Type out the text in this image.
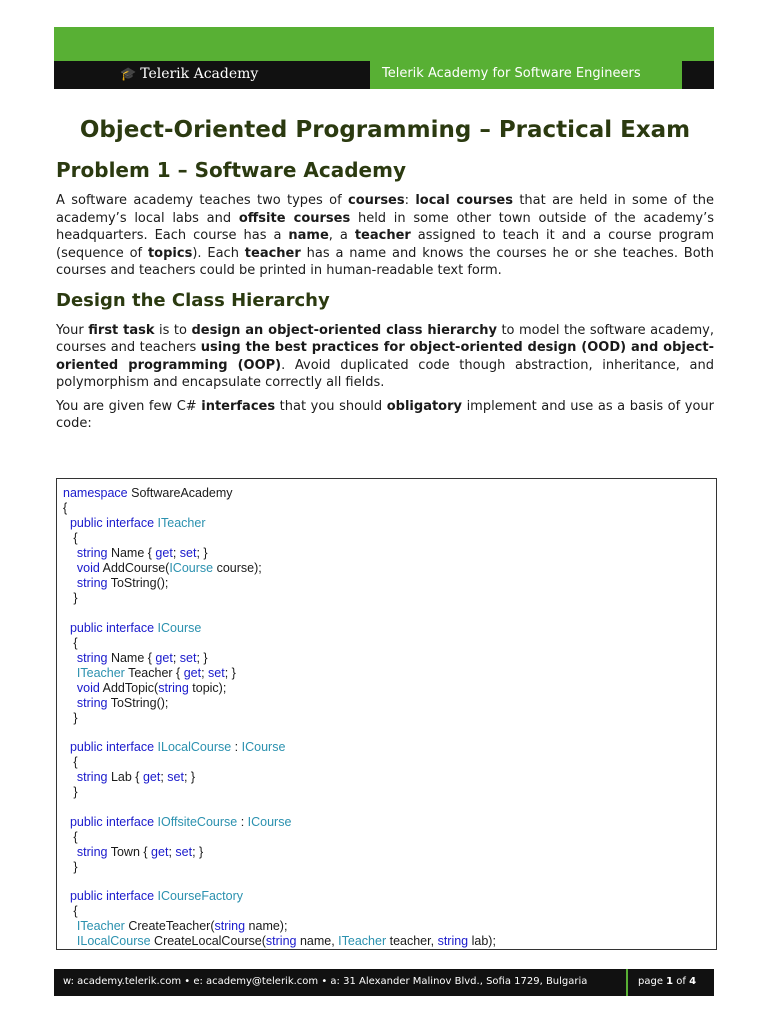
🎓 Telerik Academy	Telerik Academy for Software Engineers
Object-Oriented Programming – Practical Exam
Problem 1 – Software Academy

A software academy teaches two types of courses: local courses that are held in some of the academy’s local labs and offsite courses held in some other town outside of the academy’s headquarters. Each course has a name, a teacher assigned to teach it and a course program (sequence of topics). Each teacher has a name and knows the courses he or she teaches. Both courses and teachers could be printed in human-readable text form.

Design the Class Hierarchy

Your first task is to design an object-oriented class hierarchy to model the software academy, courses and teachers using the best practices for object-oriented design (OOD) and object-oriented programming (OOP). Avoid duplicated code though abstraction, inheritance, and polymorphism and encapsulate correctly all fields.

You are given few C# interfaces that you should obligatory implement and use as a basis of your code:

namespace SoftwareAcademy
{
public interface ITeacher
{
string Name { get; set; }
void AddCourse(ICourse course);
string ToString();
}
public interface ICourse
{
string Name { get; set; }
ITeacher Teacher { get; set; }
void AddTopic(string topic);
string ToString();
}
public interface ILocalCourse : ICourse
{
string Lab { get; set; }
}
public interface IOffsiteCourse : ICourse
{
string Town { get; set; }
}
public interface ICourseFactory
{
ITeacher CreateTeacher(string name);
ILocalCourse CreateLocalCourse(string name, ITeacher teacher, string lab);
w: academy.telerik.com • e: academy@telerik.com • a: 31 Alexander Malinov Blvd., Sofia 1729, Bulgaria	page 1 of 4
